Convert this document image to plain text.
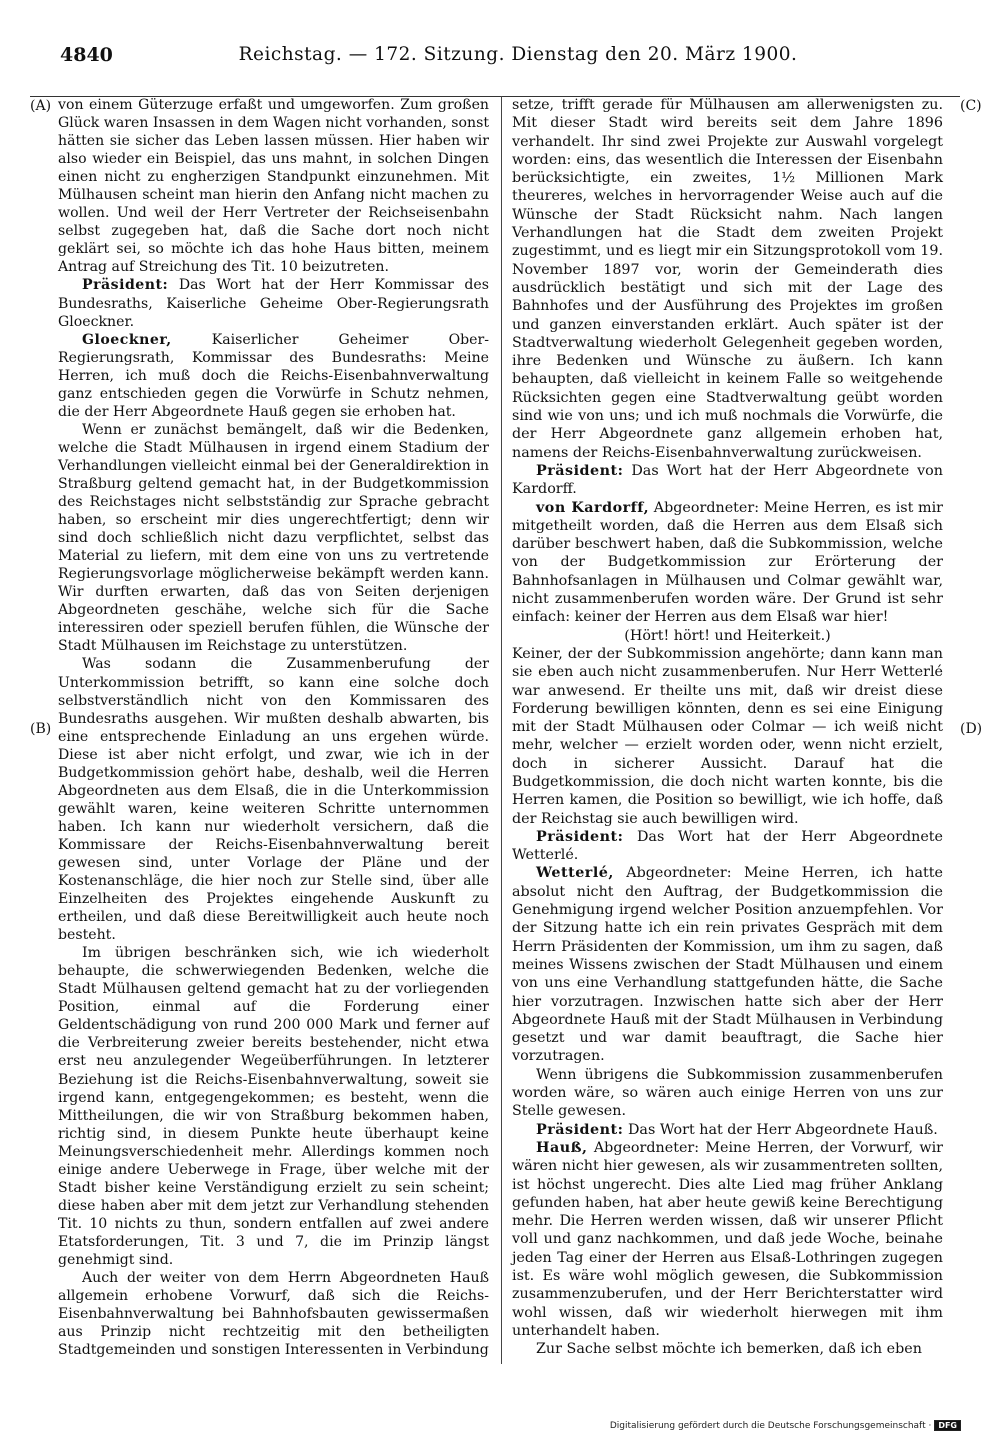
4840	Reichstag. — 172. Sitzung. Dienstag den 20. März 1900.
(A)
(B)
(C)
(D)

von einem Güterzuge erfaßt und umgeworfen. Zum großen Glück waren Insassen in dem Wagen nicht vorhanden, sonst hätten sie sicher das Leben lassen müssen. Hier haben wir also wieder ein Beispiel, das uns mahnt, in solchen Dingen einen nicht zu engherzigen Standpunkt einzunehmen. Mit Mülhausen scheint man hierin den Anfang nicht machen zu wollen. Und weil der Herr Vertreter der Reichseisenbahn selbst zugegeben hat, daß die Sache dort noch nicht geklärt sei, so möchte ich das hohe Haus bitten, meinem Antrag auf Streichung des Tit. 10 beizutreten.

Präsident: Das Wort hat der Herr Kommissar des Bundesraths, Kaiserliche Geheime Ober-Regierungsrath Gloeckner.

Gloeckner,	Kaiserlicher Geheimer Ober-Regierungsrath, Kommissar des Bundesraths: Meine Herren, ich muß doch die Reichs-Eisenbahnverwaltung ganz entschieden gegen die Vorwürfe in Schutz nehmen, die der Herr Abgeordnete Hauß gegen sie erhoben hat.

Wenn er zunächst bemängelt, daß wir die Bedenken, welche die Stadt Mülhausen in irgend einem Stadium der Verhandlungen vielleicht einmal bei der Generaldirektion in Straßburg geltend gemacht hat, in der Budgetkommission des Reichstages nicht selbstständig zur Sprache gebracht haben, so erscheint mir dies ungerechtfertigt; denn wir sind doch schließlich nicht dazu verpflichtet, selbst das Material zu liefern, mit dem eine von uns zu vertretende Regierungsvorlage möglicherweise bekämpft werden kann. Wir durften erwarten, daß das von Seiten derjenigen Abgeordneten geschähe, welche sich für die Sache interessiren oder speziell berufen fühlen, die Wünsche der Stadt Mülhausen im Reichstage zu unterstützen.

Was sodann die Zusammenberufung der Unterkommission betrifft, so kann eine solche doch selbstverständlich nicht von den Kommissaren des Bundesraths ausgehen. Wir mußten deshalb abwarten, bis eine entsprechende Einladung an uns ergehen würde. Diese ist aber nicht erfolgt, und zwar, wie ich in der Budgetkommission gehört habe, deshalb, weil die Herren Abgeordneten aus dem Elsaß, die in die Unterkommission gewählt waren, keine weiteren Schritte unternommen haben. Ich kann nur wiederholt versichern, daß die Kommissare der Reichs-Eisenbahnverwaltung bereit gewesen sind, unter Vorlage der Pläne und der Kostenanschläge, die hier noch zur Stelle sind, über alle Einzelheiten des Projektes eingehende Auskunft zu ertheilen, und daß diese Bereitwilligkeit auch heute noch besteht.

Im übrigen beschränken sich, wie ich wiederholt behaupte, die schwerwiegenden Bedenken, welche die Stadt Mülhausen geltend gemacht hat zu der vorliegenden Position, einmal auf die Forderung einer Geldentschädigung von rund 200 000 Mark und ferner auf die Verbreiterung zweier bereits bestehender, nicht etwa erst neu anzulegender Wegeüberführungen. In letzterer Beziehung ist die Reichs-Eisenbahnverwaltung, soweit sie irgend kann, entgegengekommen; es besteht, wenn die Mittheilungen, die wir von Straßburg bekommen haben, richtig sind, in diesem Punkte heute überhaupt keine Meinungsverschiedenheit mehr. Allerdings kommen noch einige andere Ueberwege in Frage, über welche mit der Stadt bisher keine Verständigung erzielt zu sein scheint; diese haben aber mit dem jetzt zur Verhandlung stehenden Tit. 10 nichts zu thun, sondern entfallen auf zwei andere Etatsforderungen, Tit. 3 und 7, die im Prinzip längst genehmigt sind.

Auch der weiter von dem Herrn Abgeordneten Hauß allgemein erhobene Vorwurf, daß sich die Reichs-Eisenbahnverwaltung bei Bahnhofsbauten gewissermaßen aus Prinzip nicht rechtzeitig mit den betheiligten Stadtgemeinden und sonstigen Interessenten in Verbindung

setze, trifft gerade für Mülhausen am allerwenigsten zu. Mit dieser Stadt wird bereits seit dem Jahre 1896 verhandelt. Ihr sind zwei Projekte zur Auswahl vorgelegt worden: eins, das wesentlich die Interessen der Eisenbahn berücksichtigte, ein zweites, 1½ Millionen Mark theureres, welches in hervorragender Weise auch auf die Wünsche der Stadt Rücksicht nahm. Nach langen Verhandlungen hat die Stadt dem zweiten Projekt zugestimmt, und es liegt mir ein Sitzungsprotokoll vom 19. November 1897 vor, worin der Gemeinderath dies ausdrücklich bestätigt und sich mit der Lage des Bahnhofes und der Ausführung des Projektes im großen und ganzen einverstanden erklärt. Auch später ist der Stadtverwaltung wiederholt Gelegenheit gegeben worden, ihre Bedenken und Wünsche zu äußern. Ich kann behaupten, daß vielleicht in keinem Falle so weitgehende Rücksichten gegen eine Stadtverwaltung geübt worden sind wie von uns; und ich muß nochmals die Vorwürfe, die der Herr Abgeordnete ganz allgemein erhoben hat, namens der Reichs-Eisenbahnverwaltung zurückweisen.

Präsident: Das Wort hat der Herr Abgeordnete von Kardorff.

von Kardorff, Abgeordneter: Meine Herren, es ist mir mitgetheilt worden, daß die Herren aus dem Elsaß sich darüber beschwert haben, daß die Subkommission, welche von der Budgetkommission zur Erörterung der Bahnhofsanlagen in Mülhausen und Colmar gewählt war, nicht zusammenberufen worden wäre. Der Grund ist sehr einfach: keiner der Herren aus dem Elsaß war hier!

(Hört! hört! und Heiterkeit.)

Keiner, der der Subkommission angehörte; dann kann man sie eben auch nicht zusammenberufen. Nur Herr Wetterlé war anwesend. Er theilte uns mit, daß wir dreist diese Forderung bewilligen könnten, denn es sei eine Einigung mit der Stadt Mülhausen oder Colmar — ich weiß nicht mehr, welcher — erzielt worden oder, wenn nicht erzielt, doch in sicherer Aussicht. Darauf hat die Budgetkommission, die doch nicht warten konnte, bis die Herren kamen, die Position so bewilligt, wie ich hoffe, daß der Reichstag sie auch bewilligen wird.

Präsident: Das Wort hat der Herr Abgeordnete Wetterlé.

Wetterlé, Abgeordneter: Meine Herren, ich hatte absolut nicht den Auftrag, der Budgetkommission die Genehmigung irgend welcher Position anzuempfehlen. Vor der Sitzung hatte ich ein rein privates Gespräch mit dem Herrn Präsidenten der Kommission, um ihm zu sagen, daß meines Wissens zwischen der Stadt Mülhausen und einem von uns eine Verhandlung stattgefunden hätte, die Sache hier vorzutragen. Inzwischen hatte sich aber der Herr Abgeordnete Hauß mit der Stadt Mülhausen in Verbindung gesetzt und war damit beauftragt, die Sache hier vorzutragen.

Wenn übrigens die Subkommission zusammenberufen worden wäre, so wären auch einige Herren von uns zur Stelle gewesen.

Präsident: Das Wort hat der Herr Abgeordnete Hauß.

Hauß, Abgeordneter: Meine Herren, der Vorwurf, wir wären nicht hier gewesen, als wir zusammentreten sollten, ist höchst ungerecht. Dies alte Lied mag früher Anklang gefunden haben, hat aber heute gewiß keine Berechtigung mehr. Die Herren werden wissen, daß wir unserer Pflicht voll und ganz nachkommen, und daß jede Woche, beinahe jeden Tag einer der Herren aus Elsaß-Lothringen zugegen ist. Es wäre wohl möglich gewesen, die Subkommission zusammenzuberufen, und der Herr Berichterstatter wird wohl wissen, daß wir wiederholt hierwegen mit ihm unterhandelt haben.

Zur Sache selbst möchte ich bemerken, daß ich eben

Digitalisierung gefördert durch die Deutsche Forschungsgemeinschaft · DFG
